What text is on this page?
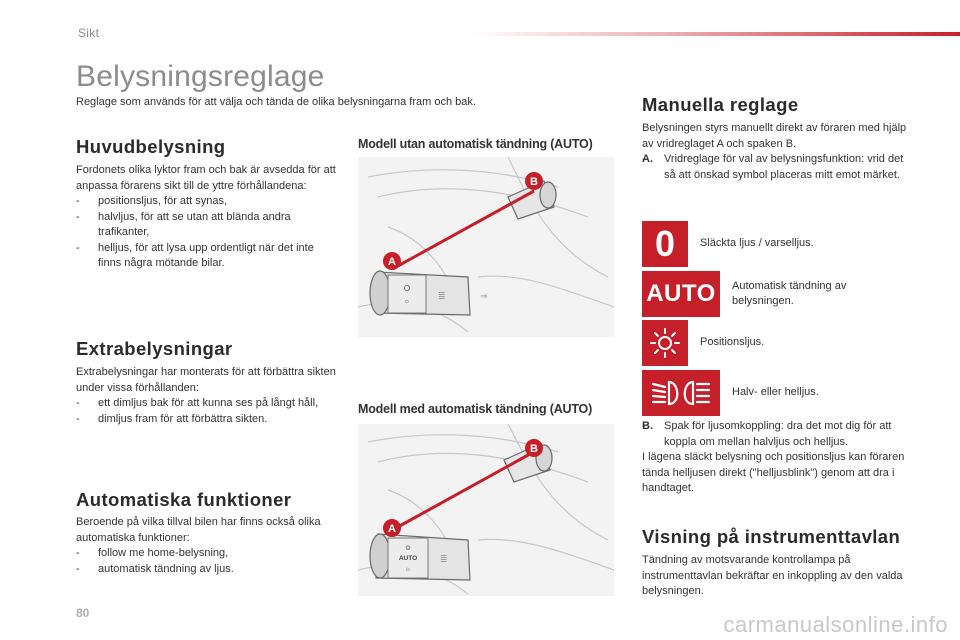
Sikt
Belysningsreglage
Reglage som används för att välja och tända de olika belysningarna fram och bak.
Huvudbelysning

Fordonets olika lyktor fram och bak är avsedda för att anpassa förarens sikt till de yttre förhållandena:

- positionsljus, för att synas,
- halvljus, för att se utan att blända andra trafikanter,
- helljus, för att lysa upp ordentligt när det inte finns några mötande bilar.
Extrabelysningar

Extrabelysningar har monterats för att förbättra sikten under vissa förhållanden:

- ett dimljus bak för att kunna ses på långt håll,
- dimljus fram för att förbättra sikten.
Automatiska funktioner

Beroende på vilka tillval bilen har finns också olika automatiska funktioner:

- follow me home-belysning,
- automatisk tändning av ljus.
Modell utan automatisk tändning (AUTO)
O
☼
≣	⇒
A
B
Modell med automatisk tändning (AUTO)
O
AUTO
☼
≣
A
B
Manuella reglage

Belysningen styrs manuellt direkt av föraren med hjälp av vridreglaget A och spaken B.

- A. Vridreglage för val av belysningsfunktion: vrid det så att önskad symbol placeras mitt emot märket.
0 Släckta ljus / varselljus.
AUTO Automatisk tändning av belysningen.
Positionsljus.
Halv- eller helljus.
- B. Spak för ljusomkoppling: dra det mot dig för att koppla om mellan halvljus och helljus.

I lägena släckt belysning och positionsljus kan föraren tända helljusen direkt ("helljusblink") genom att dra i handtaget.

Visning på instrumenttavlan

Tändning av motsvarande kontrollampa på instrumenttavlan bekräftar en inkoppling av den valda belysningen.

80	carmanualsonline.info
